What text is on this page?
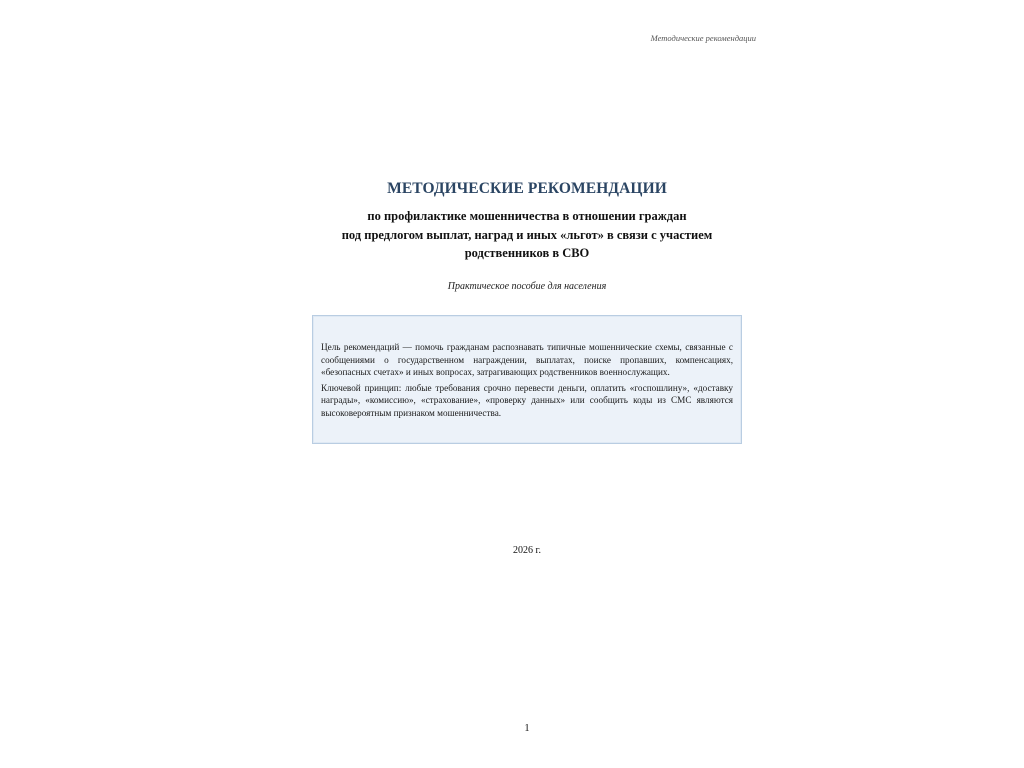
Методические рекомендации
МЕТОДИЧЕСКИЕ РЕКОМЕНДАЦИИ
по профилактике мошенничества в отношении граждан
под предлогом выплат, наград и иных «льгот» в связи с участием
родственников в СВО
Практическое пособие для населения

Цель рекомендаций — помочь гражданам распознавать типичные мошеннические схемы, связанные с сообщениями о государственном награждении, выплатах, поиске пропавших, компенсациях, «безопасных счетах» и иных вопросах, затрагивающих родственников военнослужащих.

Ключевой принцип: любые требования срочно перевести деньги, оплатить «госпошлину», «доставку награды», «комиссию», «страхование», «проверку данных» или сообщить коды из СМС являются высоковероятным признаком мошенничества.

2026 г.
1
